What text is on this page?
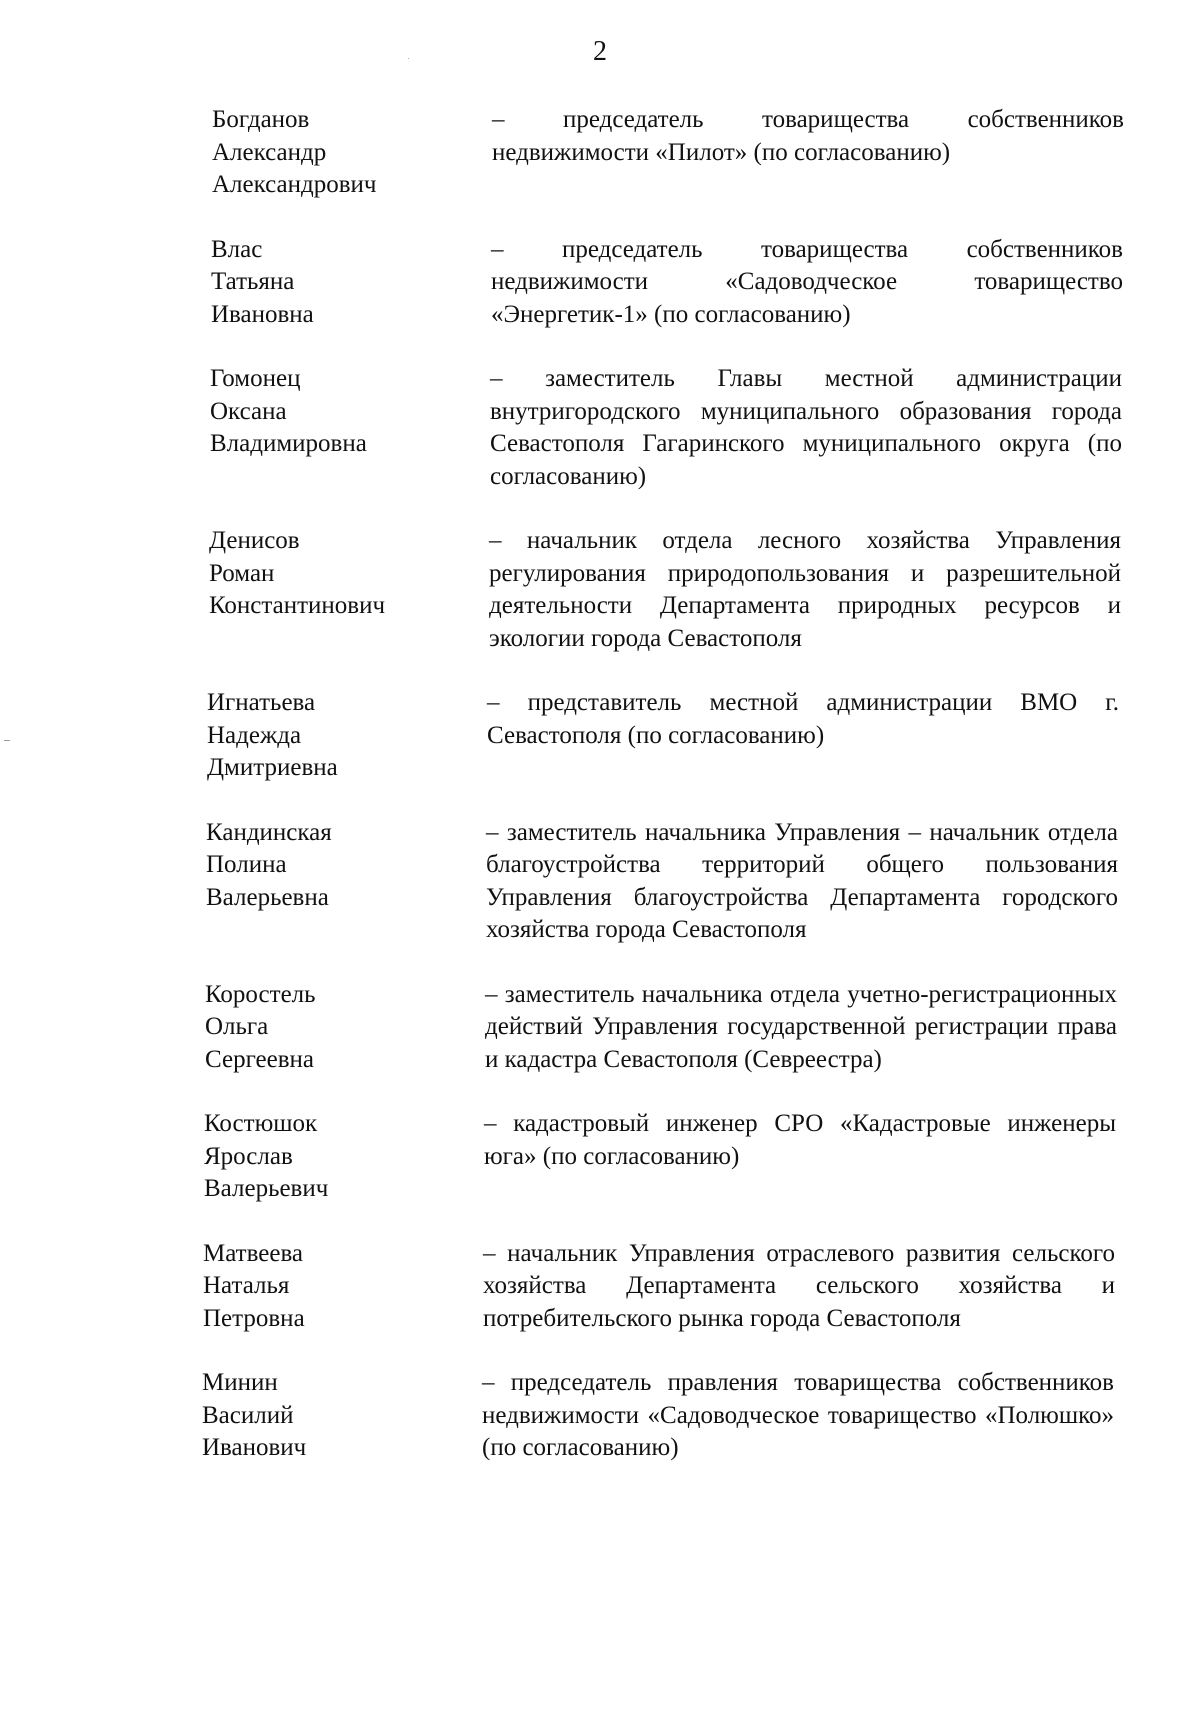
2
Богданов
Александр
Александрович
– председатель товарищества собственников недвижимости «Пилот» (по согласованию)
Влас
Татьяна
Ивановна
– председатель товарищества собственников недвижимости «Садоводческое товарищество «Энергетик-1» (по согласованию)
Гомонец
Оксана
Владимировна
– заместитель Главы местной администрации внутригородского муниципального образования города Севастополя Гагаринского муниципального округа (по согласованию)
Денисов
Роман
Константинович
– начальник отдела лесного хозяйства Управления регулирования природопользования и разрешительной деятельности Департамента природных ресурсов и экологии города Севастополя
Игнатьева
Надежда
Дмитриевна
– представитель местной администрации ВМО г. Севастополя (по согласованию)
Кандинская
Полина
Валерьевна
– заместитель начальника Управления – начальник отдела благоустройства территорий общего пользования Управления благоустройства Департамента городского хозяйства города Севастополя
Коростель
Ольга
Сергеевна
– заместитель начальника отдела учетно-регистрационных действий Управления государственной регистрации права и кадастра Севастополя (Севреестра)
Костюшок
Ярослав
Валерьевич
– кадастровый инженер СРО «Кадастровые инженеры юга» (по согласованию)
Матвеева
Наталья
Петровна
– начальник Управления отраслевого развития сельского хозяйства Департамента сельского хозяйства и потребительского рынка города Севастополя
Минин
Василий
Иванович
– председатель правления товарищества собственников недвижимости «Садоводческое товарищество «Полюшко» (по согласованию)
